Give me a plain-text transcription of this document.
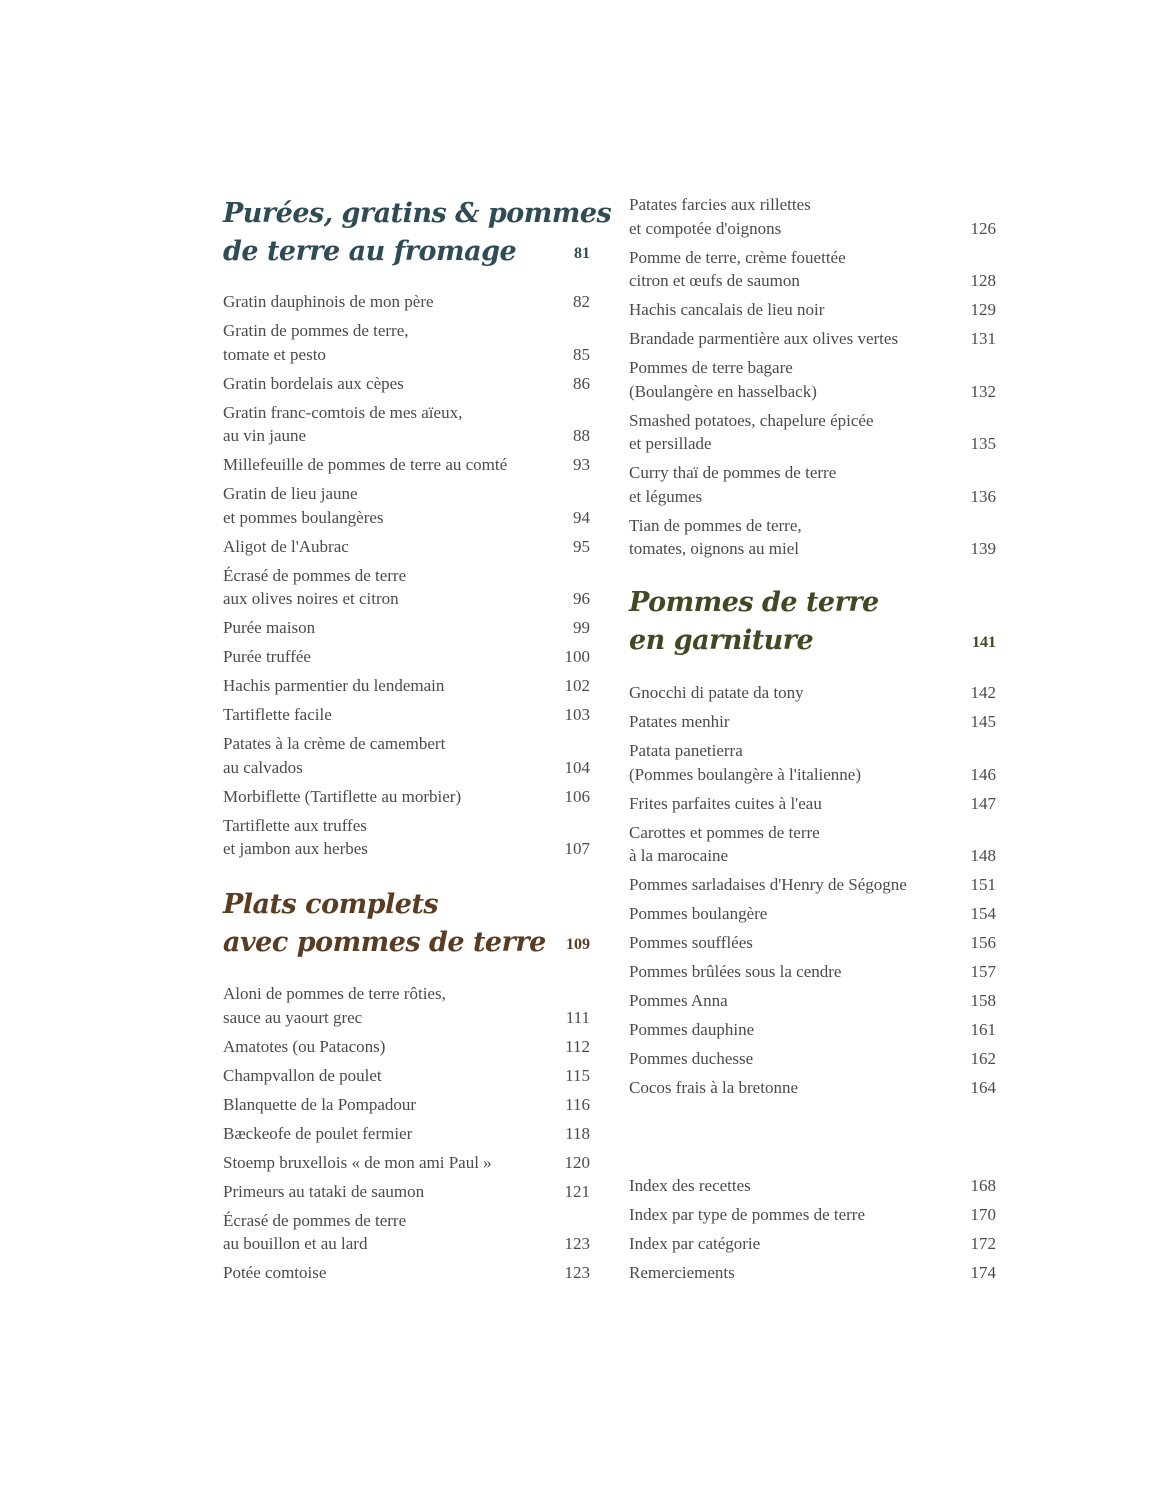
Purées, gratins & pommes
de terre au fromage	81
Gratin dauphinois de mon père	82
Gratin de pommes de terre,
tomate et pesto	85
Gratin bordelais aux cèpes	86
Gratin franc-comtois de mes aïeux,
au vin jaune	88
Millefeuille de pommes de terre au comté	93
Gratin de lieu jaune
et pommes boulangères	94
Aligot de l'Aubrac	95
Écrasé de pommes de terre
aux olives noires et citron	96
Purée maison	99
Purée truffée	100
Hachis parmentier du lendemain	102
Tartiflette facile	103
Patates à la crème de camembert
au calvados	104
Morbiflette (Tartiflette au morbier)	106
Tartiflette aux truffes
et jambon aux herbes	107
Plats complets
avec pommes de terre	109
Aloni de pommes de terre rôties,
sauce au yaourt grec	111
Amatotes (ou Patacons)	112
Champvallon de poulet	115
Blanquette de la Pompadour	116
Bæckeofe de poulet fermier	118
Stoemp bruxellois « de mon ami Paul »	120
Primeurs au tataki de saumon	121
Écrasé de pommes de terre
au bouillon et au lard	123
Potée comtoise	123
Patates farcies aux rillettes
et compotée d'oignons	126
Pomme de terre, crème fouettée
citron et œufs de saumon	128
Hachis cancalais de lieu noir	129
Brandade parmentière aux olives vertes	131
Pommes de terre bagare
(Boulangère en hasselback)	132
Smashed potatoes, chapelure épicée
et persillade	135
Curry thaï de pommes de terre
et légumes	136
Tian de pommes de terre,
tomates, oignons au miel	139
Pommes de terre
en garniture	141
Gnocchi di patate da tony	142
Patates menhir	145
Patata panetierra
(Pommes boulangère à l'italienne)	146
Frites parfaites cuites à l'eau	147
Carottes et pommes de terre
à la marocaine	148
Pommes sarladaises d'Henry de Ségogne	151
Pommes boulangère	154
Pommes soufflées	156
Pommes brûlées sous la cendre	157
Pommes Anna	158
Pommes dauphine	161
Pommes duchesse	162
Cocos frais à la bretonne	164
Index des recettes	168
Index par type de pommes de terre	170
Index par catégorie	172
Remerciements	174
